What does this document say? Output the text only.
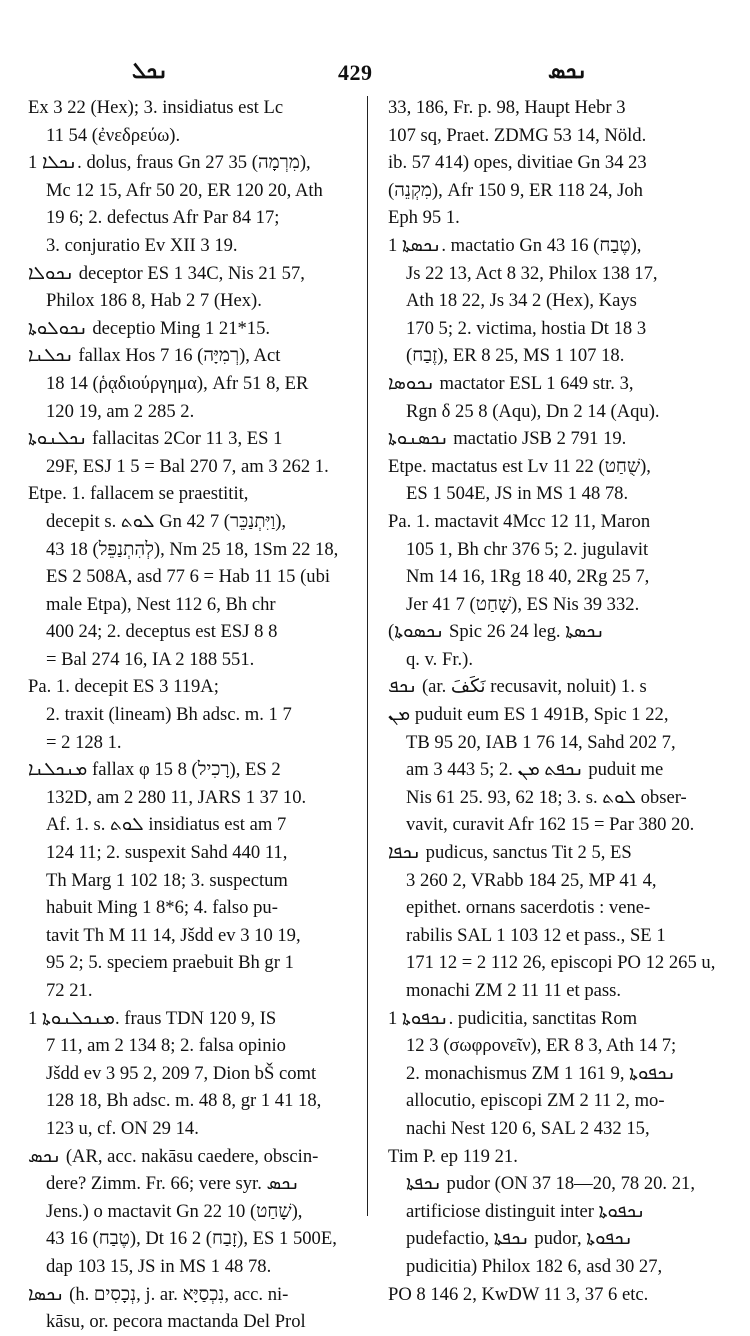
ܢܟܠ	429	ܢܟܣ
Ex 3 22 (Hex); 3. insidiatus est Lc
11 54 (ἐνεδρεύω).
ܢܟܠܐ 1. dolus, fraus Gn 27 35 (מִרְמָה),
Mc 12 15, Afr 50 20, ER 120 20, Ath
19 6; 2. defectus Afr Par 84 17;
3. conjuratio Ev XII 3 19.
ܢܟܘܠܐ deceptor ES 1 34C, Nis 21 57,
Philox 186 8, Hab 2 7 (Hex).
ܢܟܘܠܘܬܐ deceptio Ming 1 21*15.
ܢܟܠܢܐ fallax Hos 7 16 (רְמִיָּה), Act
18 14 (ῥᾳδιούργημα), Afr 51 8, ER
120 19, am 2 285 2.
ܢܟܠܢܘܬܐ fallacitas 2Cor 11 3, ES 1
29F, ESJ 1 5 = Bal 270 7, am 3 262 1.
Etpe. 1. fallacem se praestitit,
decepit s. ܠܘܬ Gn 42 7 (וַיִּתְנַכֵּר),
43 18 (לְהִתְנַפֵּל), Nm 25 18, 1Sm 22 18,
ES 2 508A, asd 77 6 = Hab 11 15 (ubi
male Etpa), Nest 112 6, Bh chr
400 24; 2. deceptus est ESJ 8 8
= Bal 274 16, IA 2 188 551.
Pa. 1. decepit ES 3 119A;
2. traxit (lineam) Bh adsc. m. 1 7
= 2 128 1.
ܡܢܟܠܢܐ fallax φ 15 8 (רָכִיל), ES 2
132D, am 2 280 11, JARS 1 37 10.
Af. 1. s. ܠܘܬ insidiatus est am 7
124 11; 2. suspexit Sahd 440 11,
Th Marg 1 102 18; 3. suspectum
habuit Ming 1 8*6; 4. falso pu-
tavit Th M 11 14, Jšdd ev 3 10 19,
95 2; 5. speciem praebuit Bh gr 1
72 21.
ܡܢܟܠܢܘܬܐ 1. fraus TDN 120 9, IS
7 11, am 2 134 8; 2. falsa opinio
Jšdd ev 3 95 2, 209 7, Dion bŠ comt
128 18, Bh adsc. m. 48 8, gr 1 41 18,
123 u, cf. ON 29 14.
ܢܟܣ (AR, acc. nakāsu caedere, obscin-
dere? Zimm. Fr. 66; vere syr. ܢܟܣ
Jens.) ο mactavit Gn 22 10 (שָׁחַט),
43 16 (טֶבַח), Dt 16 2 (זָבַח), ES 1 500E,
dap 103 15, JS in MS 1 48 78.
ܢܟܣܐ (h. נְכָסִים, j. ar. נִכְסַיָּא, acc. ni-
kāsu, or. pecora mactanda Del Prol
33, 186, Fr. p. 98, Haupt Hebr 3
107 sq, Praet. ZDMG 53 14, Nöld.
ib. 57 414) opes, divitiae Gn 34 23
(מִקְנֵה), Afr 150 9, ER 118 24, Joh
Eph 95 1.
ܢܟܣܬܐ 1. mactatio Gn 43 16 (טֶבַח),
Js 22 13, Act 8 32, Philox 138 17,
Ath 18 22, Js 34 2 (Hex), Kays
170 5; 2. victima, hostia Dt 18 3
(זֶבַח), ER 8 25, MS 1 107 18.
ܢܟܘܣܐ mactator ESL 1 649 str. 3,
Rgn δ 25 8 (Aqu), Dn 2 14 (Aqu).
ܢܟܣܢܘܬܐ mactatio JSB 2 791 19.
Etpe. mactatus est Lv 11 22 (שֻׁחַט),
ES 1 504E, JS in MS 1 48 78.
Pa. 1. mactavit 4Mcc 12 11, Maron
105 1, Bh chr 376 5; 2. jugulavit
Nm 14 16, 1Rg 18 40, 2Rg 25 7,
Jer 41 7 (שָׁחַט), ES Nis 39 332.
(ܢܟܣܘܬܐ Spic 26 24 leg. ܢܟܣܬܐ
q. v. Fr.).
ܢܟܦ (ar. نَكَفَ recusavit, noluit) 1. s
ܡܢ puduit eum ES 1 491B, Spic 1 22,
TB 95 20, IAB 1 76 14, Sahd 202 7,
am 3 443 5; 2. ܢܟܦܬ ܡܢ puduit me
Nis 61 25. 93, 62 18; 3. s. ܠܘܬ obser-
vavit, curavit Afr 162 15 = Par 380 20.
ܢܟܦܐ pudicus, sanctus Tit 2 5, ES
3 260 2, VRabb 184 25, MP 41 4,
epithet. ornans sacerdotis : vene-
rabilis SAL 1 103 12 et pass., SE 1
171 12 = 2 112 26, episcopi PO 12 265 u,
monachi ZM 2 11 11 et pass.
ܢܟܦܘܬܐ 1. pudicitia, sanctitas Rom
12 3 (σωφρονεῖν), ER 8 3, Ath 14 7;
2. monachismus ZM 1 161 9, ܢܟܦܘܬܐ
allocutio, episcopi ZM 2 11 2, mo-
nachi Nest 120 6, SAL 2 432 15,
Tim P. ep 119 21.
ܢܟܦܬܐ pudor (ON 37 18—20, 78 20. 21,
artificiose distinguit inter ܢܟܦܘܬܐ
pudefactio, ܢܟܦܬܐ pudor, ܢܟܦܘܬܐ
pudicitia) Philox 182 6, asd 30 27,
PO 8 146 2, KwDW 11 3, 37 6 etc.
